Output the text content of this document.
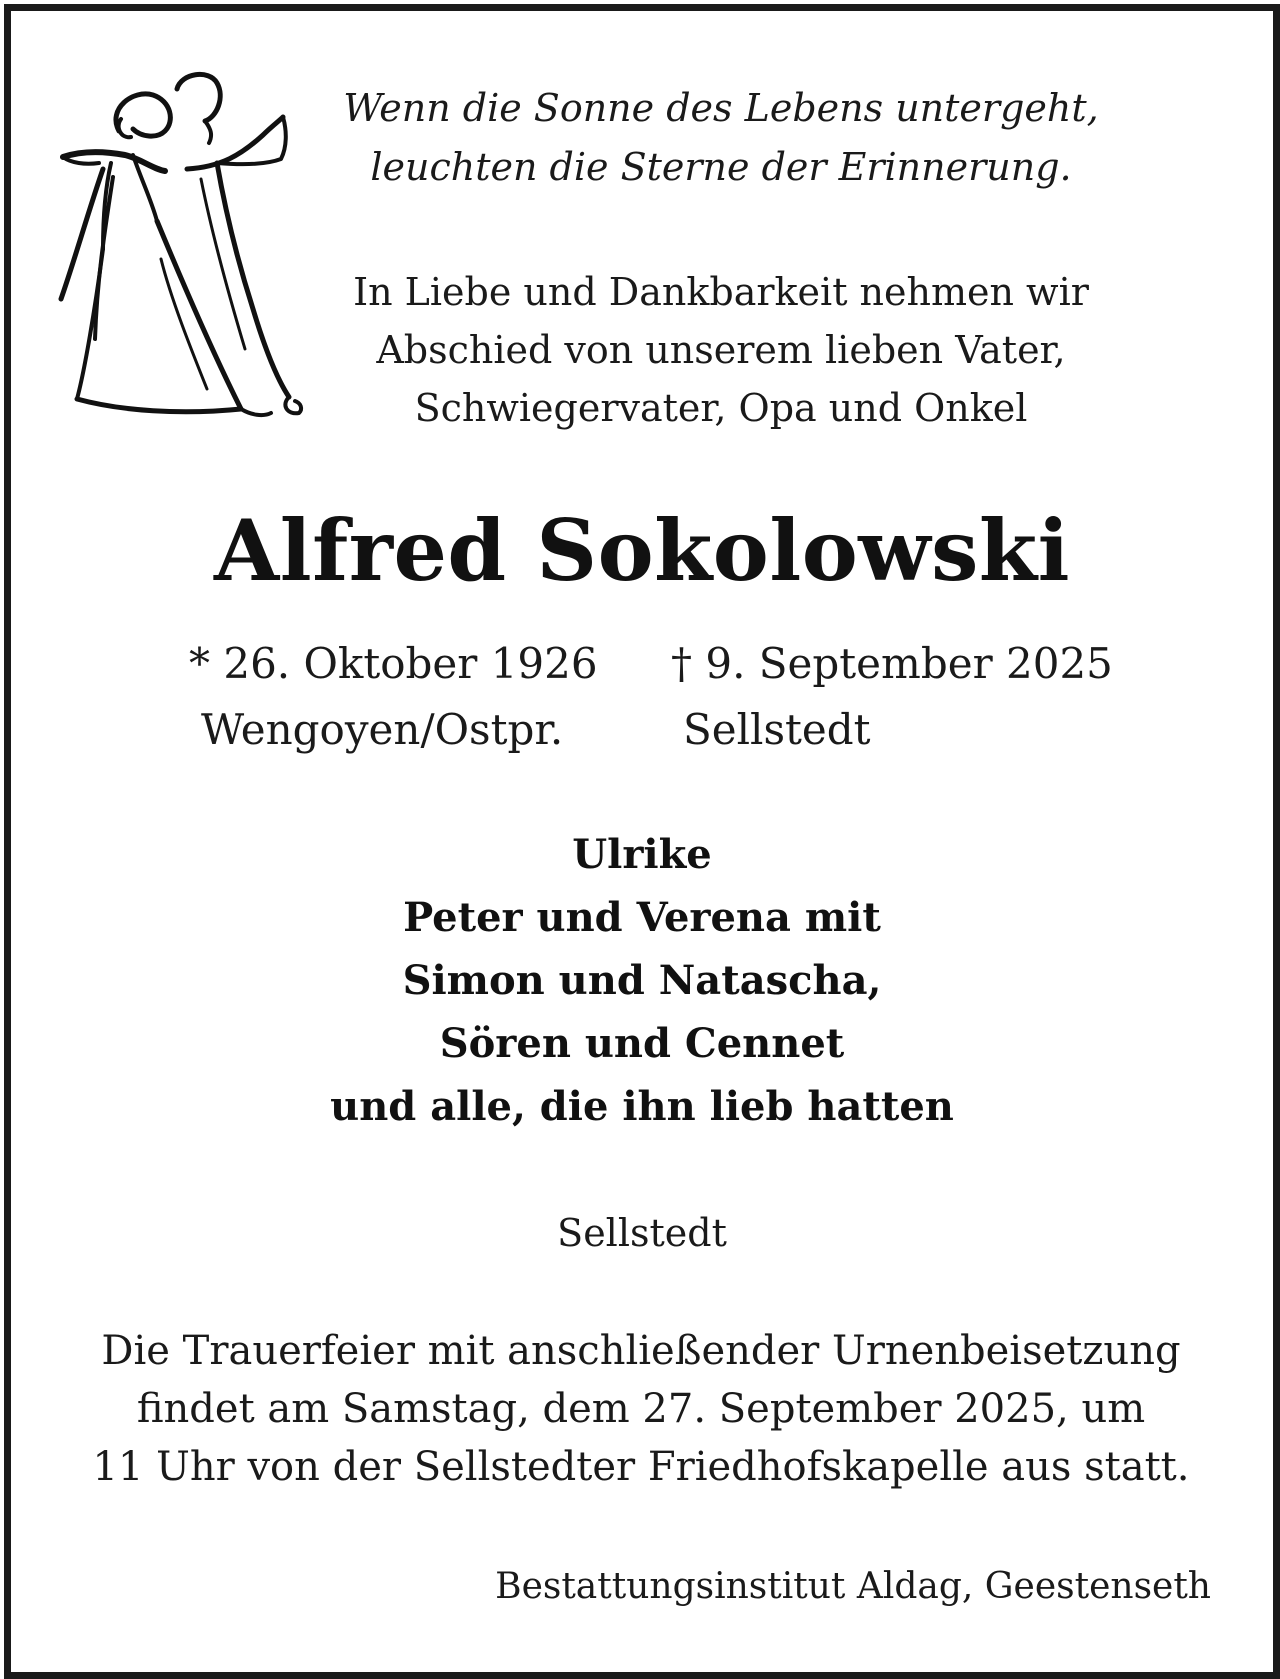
Wenn die Sonne des Lebens untergeht,
leuchten die Sterne der Erinnerung.
In Liebe und Dankbarkeit nehmen wir
Abschied von unserem lieben Vater,
Schwiegervater, Opa und Onkel
Alfred Sokolowski
* 26. Oktober 1926
Wengoyen/Ostpr.
† 9. September 2025
Sellstedt
Ulrike
Peter und Verena mit
Simon und Natascha,
Sören und Cennet
und alle, die ihn lieb hatten
Sellstedt
Die Trauerfeier mit anschließender Urnenbeisetzung
findet am Samstag, dem 27. September 2025, um
11 Uhr von der Sellstedter Friedhofskapelle aus statt.
Bestattungsinstitut Aldag, Geestenseth
